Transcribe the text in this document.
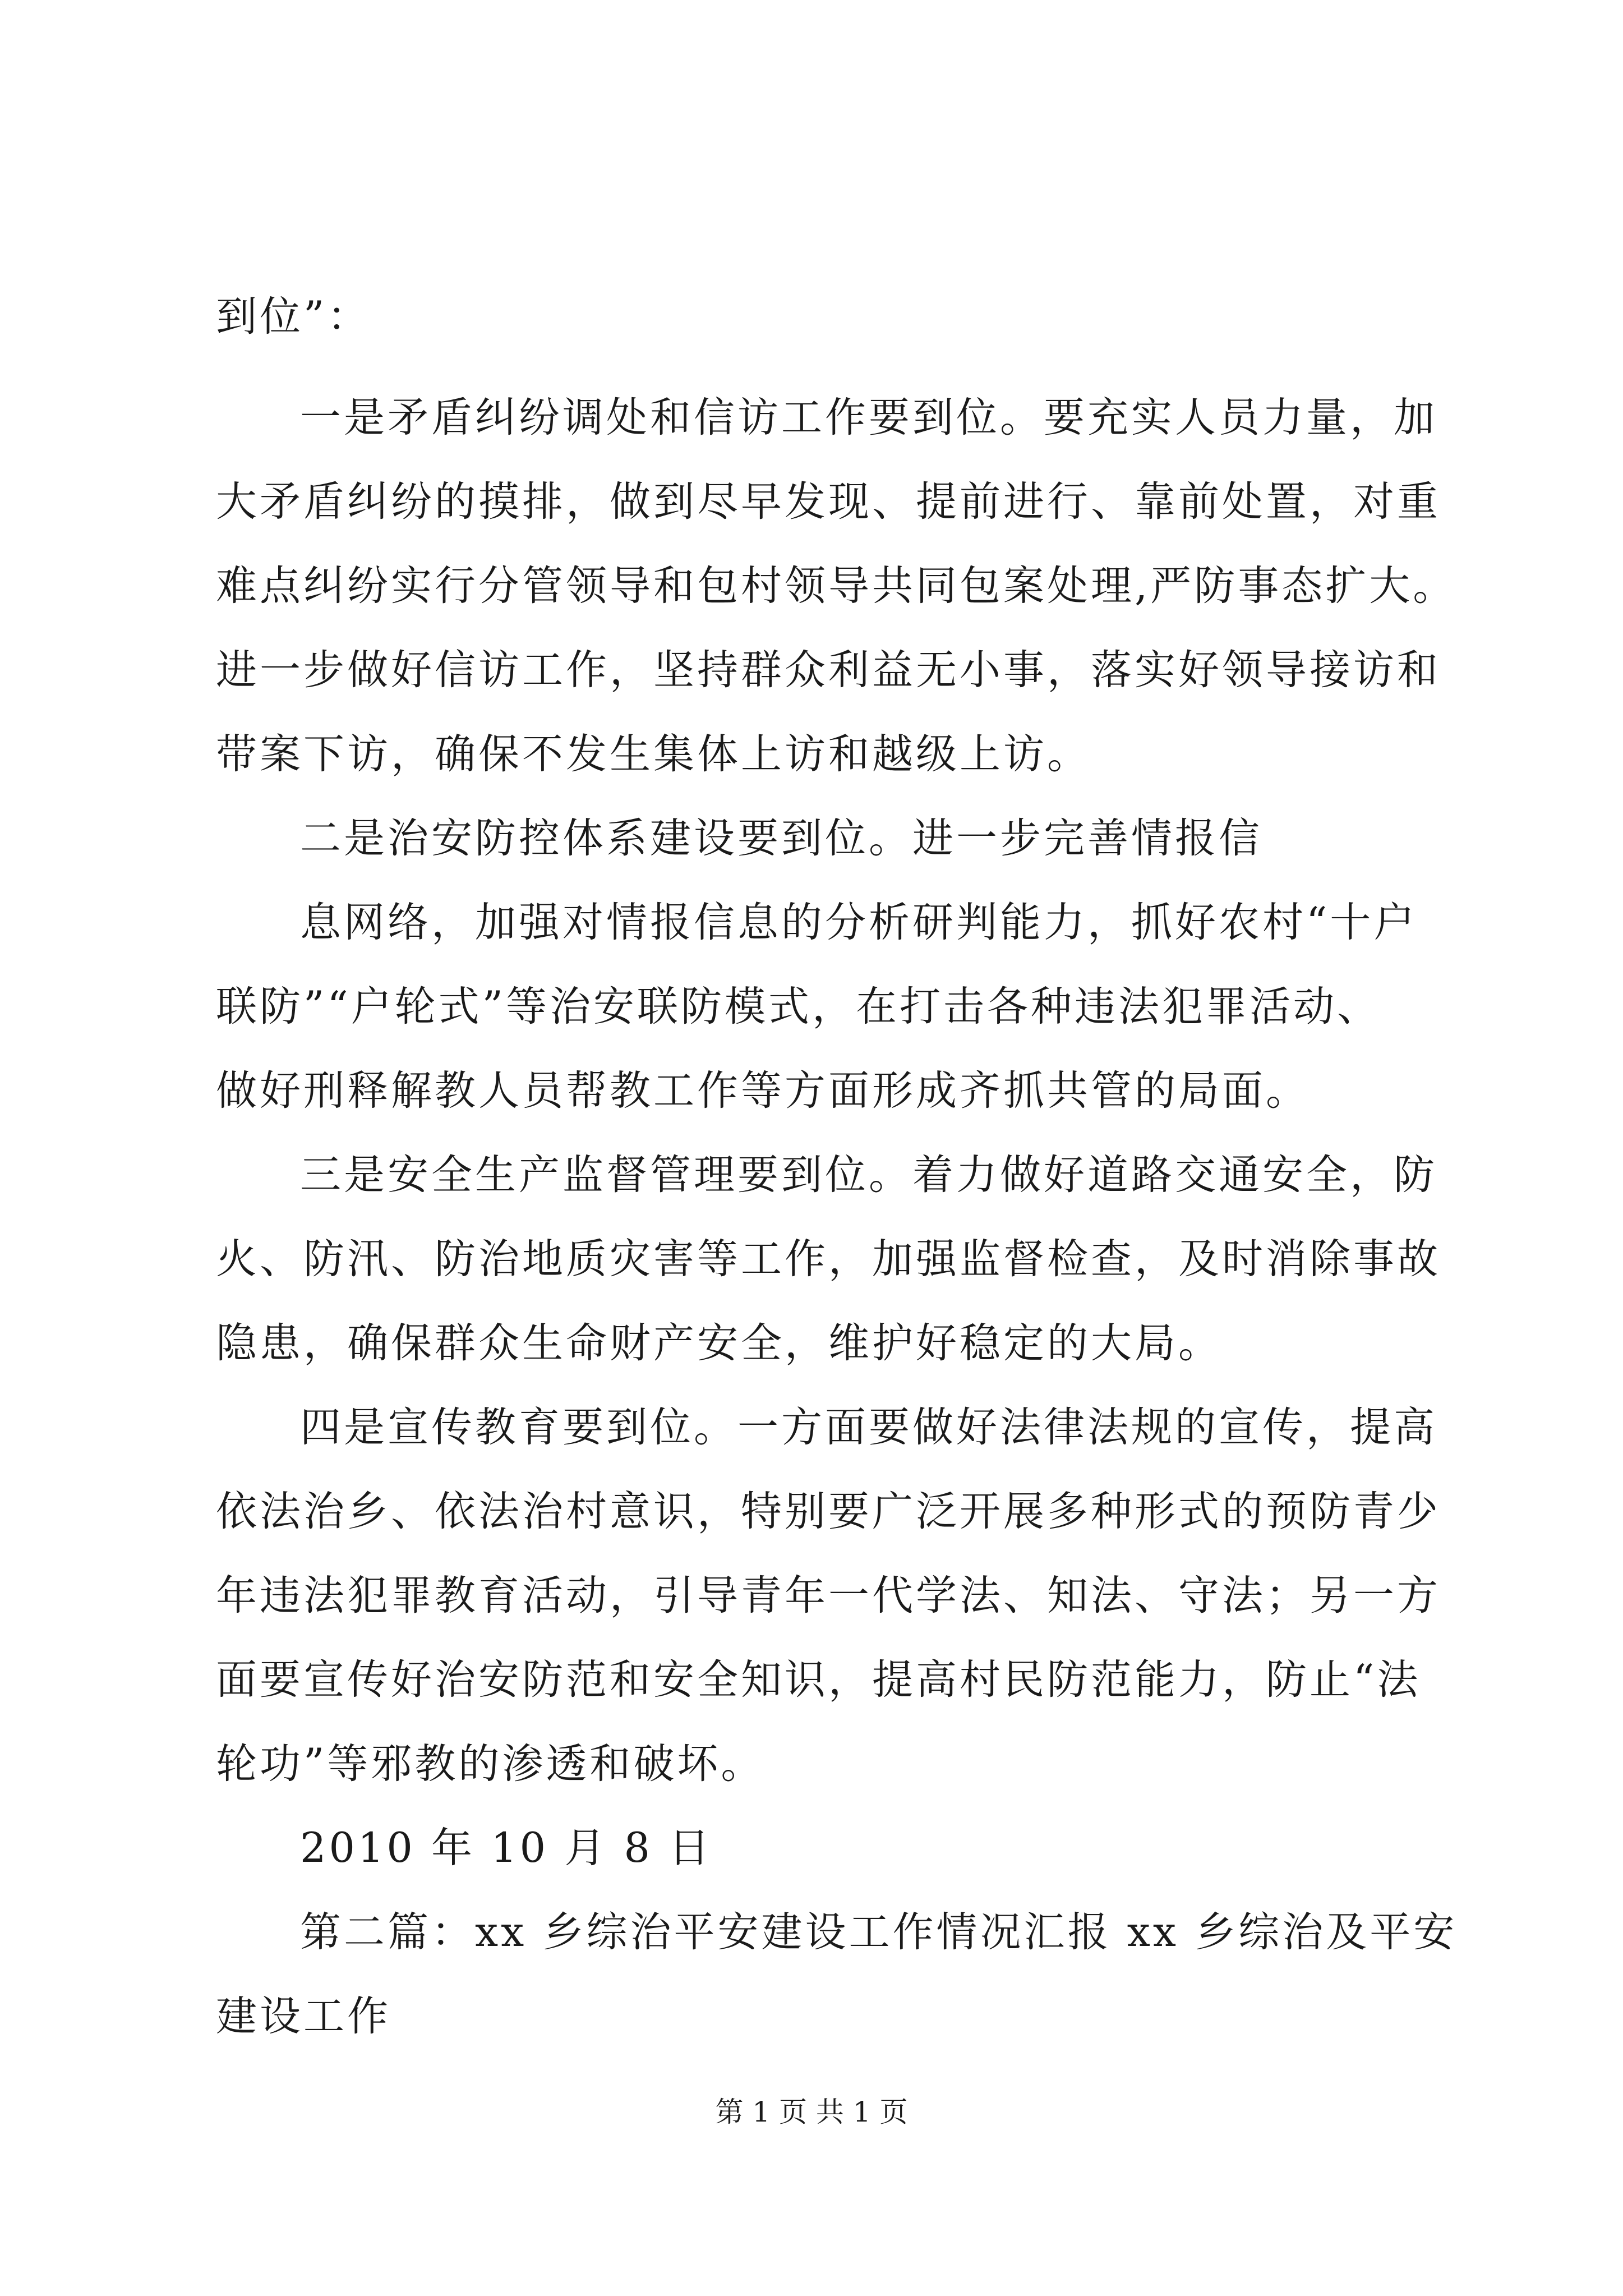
到位”：

一是矛盾纠纷调处和信访工作要到位。要充实人员力量，加

大矛盾纠纷的摸排，做到尽早发现、提前进行、靠前处置，对重

难点纠纷实行分管领导和包村领导共同包案处理,严防事态扩大。

进一步做好信访工作，坚持群众利益无小事，落实好领导接访和

带案下访，确保不发生集体上访和越级上访。

二是治安防控体系建设要到位。进一步完善情报信

息网络，加强对情报信息的分析研判能力，抓好农村“十户

联防”“户轮式”等治安联防模式，在打击各种违法犯罪活动、

做好刑释解教人员帮教工作等方面形成齐抓共管的局面。

三是安全生产监督管理要到位。着力做好道路交通安全，防

火、防汛、防治地质灾害等工作，加强监督检查，及时消除事故

隐患，确保群众生命财产安全，维护好稳定的大局。

四是宣传教育要到位。一方面要做好法律法规的宣传，提高

依法治乡、依法治村意识，特别要广泛开展多种形式的预防青少

年违法犯罪教育活动，引导青年一代学法、知法、守法；另一方

面要宣传好治安防范和安全知识，提高村民防范能力，防止“法

轮功”等邪教的渗透和破坏。

2010 年 10 月 8 日

第二篇：xx 乡综治平安建设工作情况汇报 xx 乡综治及平安

建设工作

第 1 页 共 1 页
